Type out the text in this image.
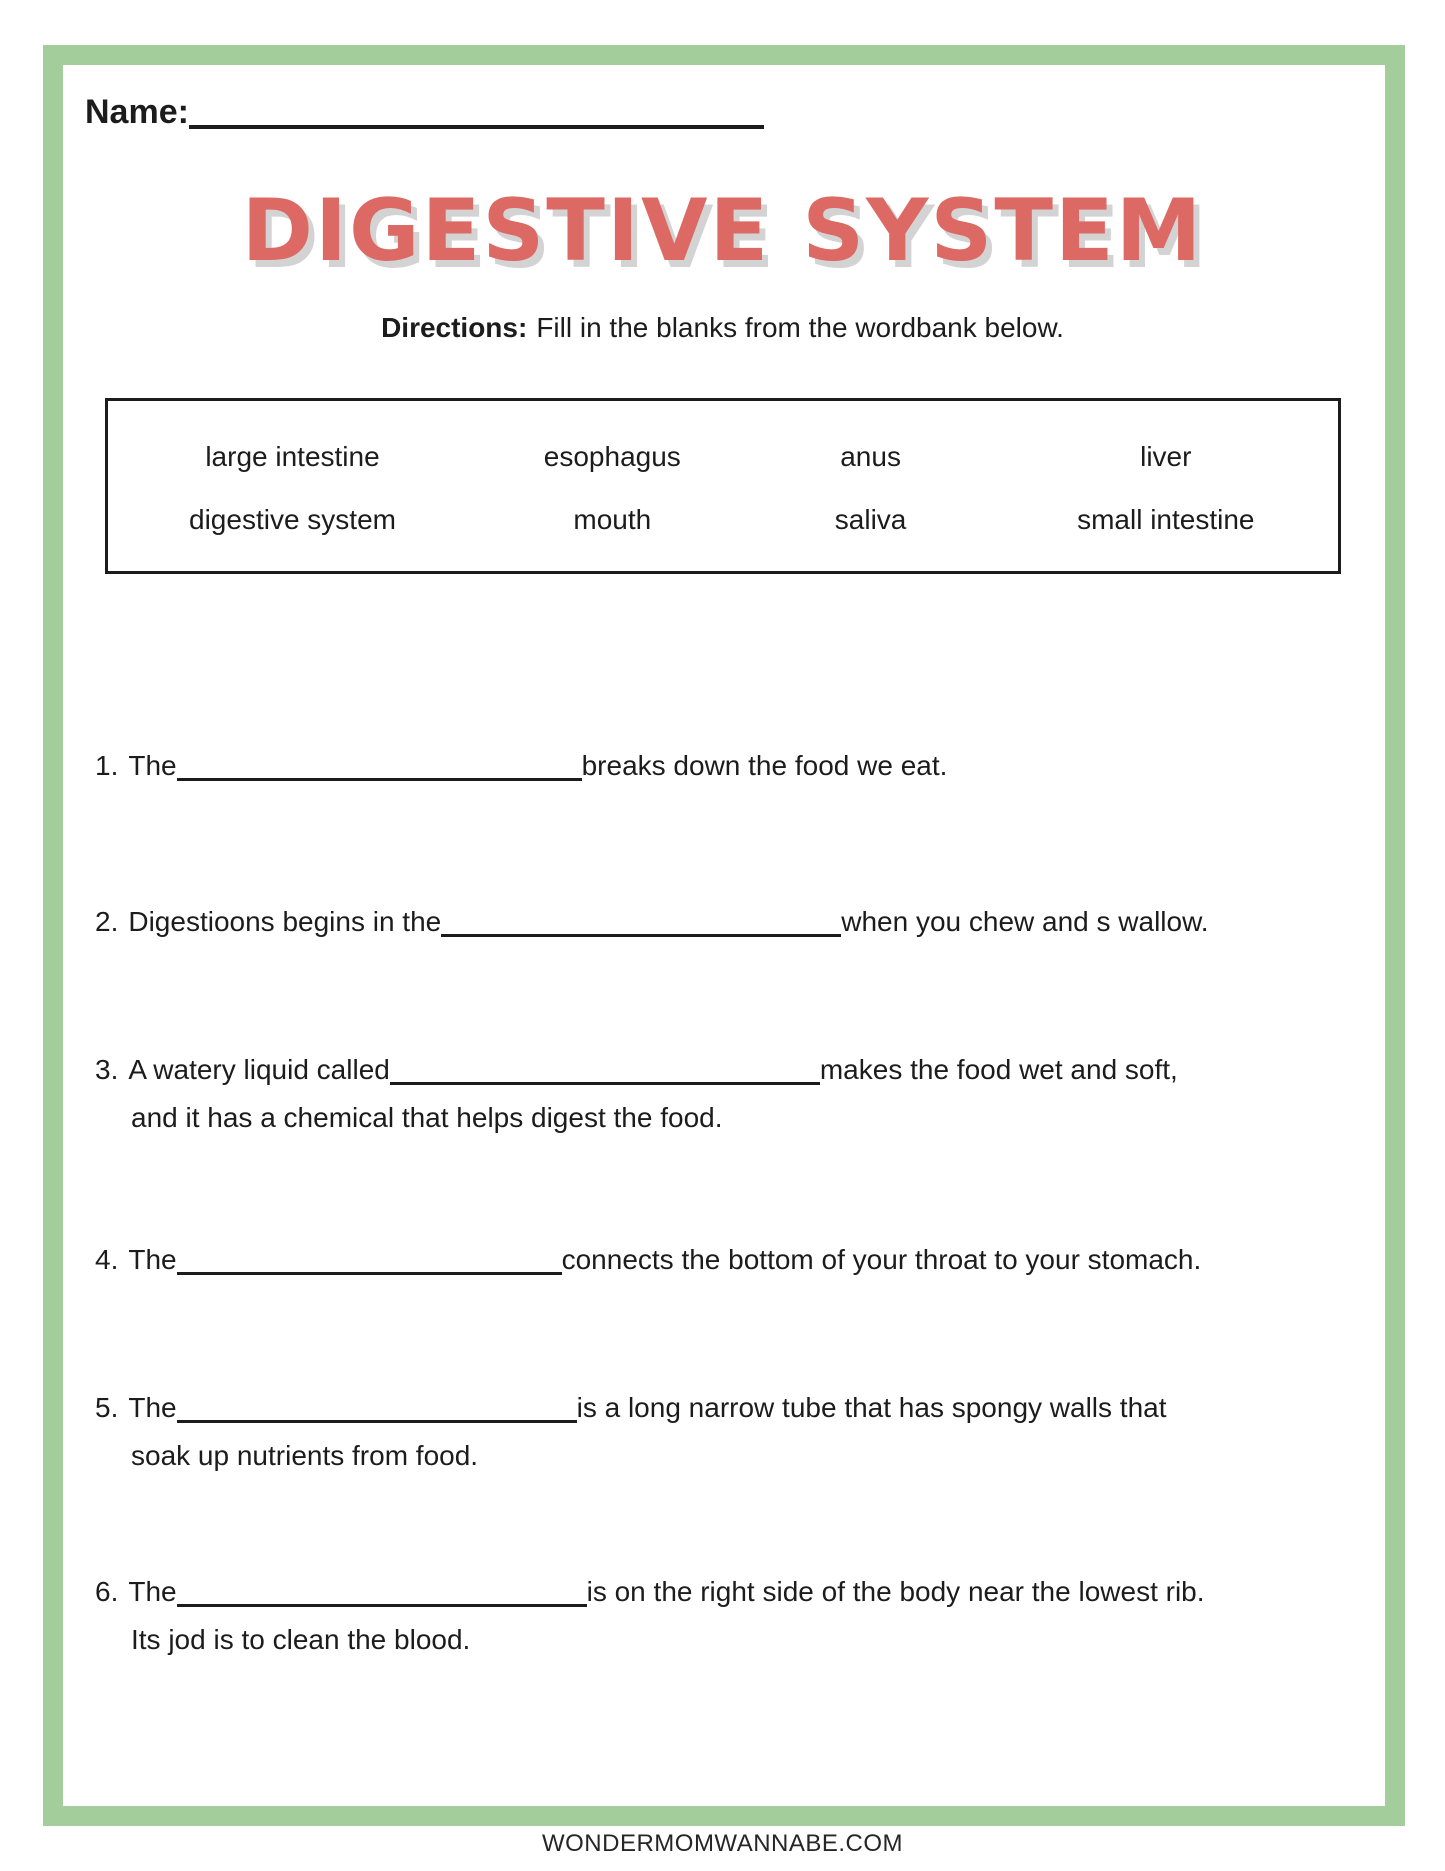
Name:
DIGESTIVE SYSTEM
Directions: Fill in the blanks from the wordbank below.
large intestine	esophagus	anus	liver
digestive system	mouth	saliva	small intestine
1. The	breaks down the food we eat.
2. Digestioons begins in the	when you chew and s wallow.
3. A watery liquid called	makes the food wet and soft,
and it has a chemical that helps digest the food.
4. The	connects the bottom of your throat to your stomach.
5. The	is a long narrow tube that has spongy walls that
soak up nutrients from food.
6. The	is on the right side of the body near the lowest rib.
Its jod is to clean the blood.
WONDERMOMWANNABE.COM
